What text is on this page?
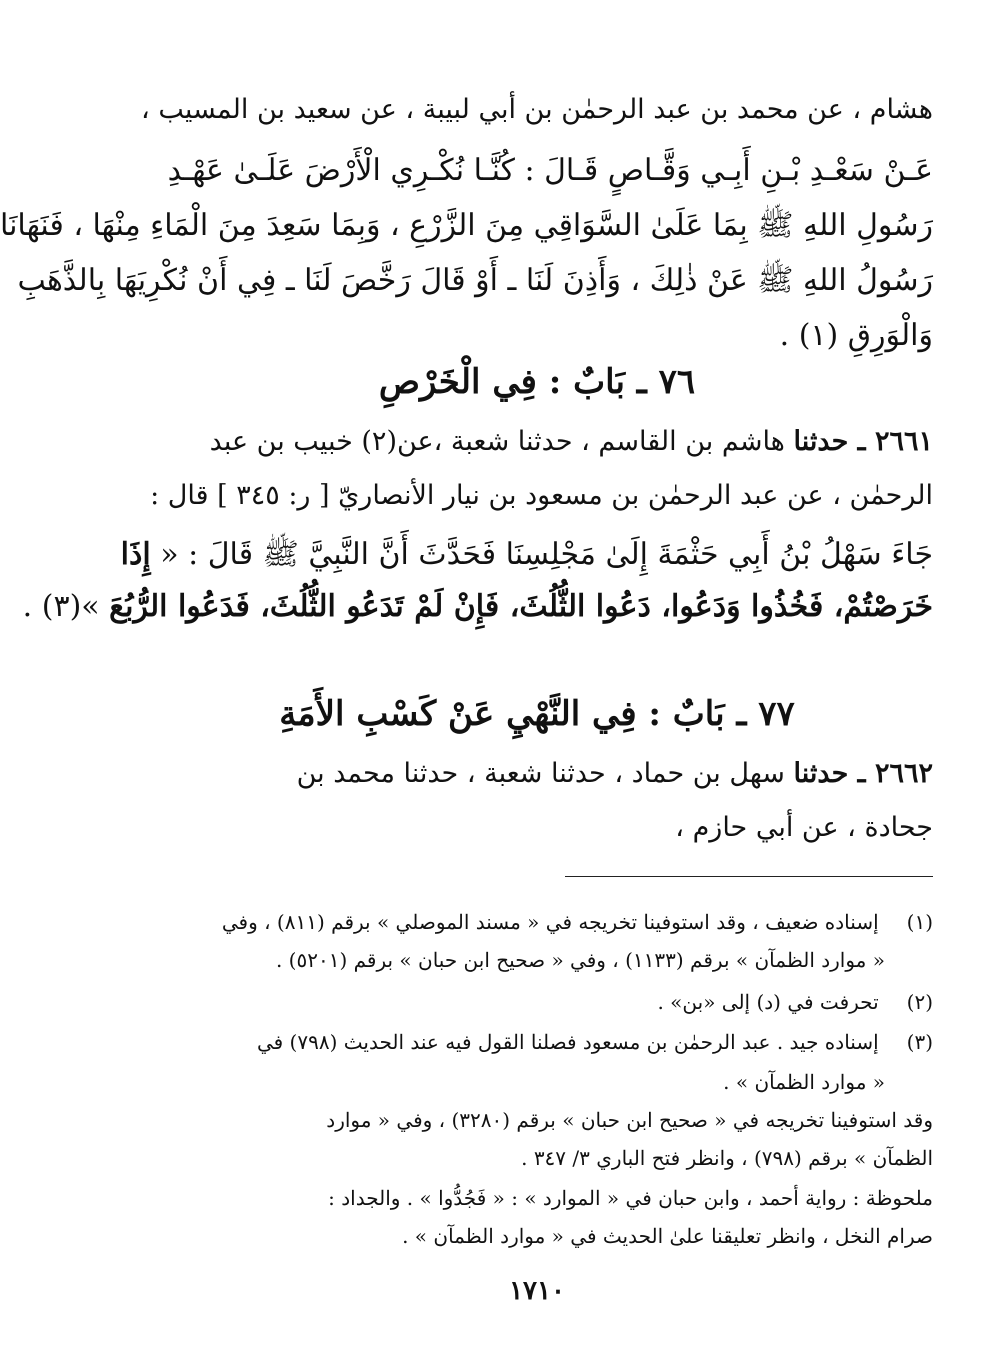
هشام ، عن محمد بن عبد الرحمٰن بن أبي لبيبة ، عن سعيد بن المسيب ،
عَـنْ سَعْـدِ بْـنِ أَبِـي وَقَّـاصٍ قَـالَ : كُنَّـا نُكْـرِي الْأَرْضَ عَلَـىٰ عَهْـدِ
رَسُولِ اللهِ ﷺ بِمَا عَلَىٰ السَّوَاقِي مِنَ الزَّرْعِ ، وَبِمَا سَعِدَ مِنَ الْمَاءِ مِنْهَا ، فَنَهَانَا
رَسُولُ اللهِ ﷺ عَنْ ذٰلِكَ ، وَأَذِنَ لَنَا ـ أَوْ قَالَ رَخَّصَ لَنَا ـ فِي أَنْ نُكْرِيَهَا بِالذَّهَبِ
وَالْوَرِقِ (١) .
٧٦ ـ بَابٌ : فِي الْخَرْصِ
٢٦٦١ ـ حدثنا هاشم بن القاسم ، حدثنا شعبة ،عن(٢) خبيب بن عبد
الرحمٰن ، عن عبد الرحمٰن بن مسعود بن نيار الأنصاريّ [ ر: ٣٤٥ ] قال :
جَاءَ سَهْلُ بْنُ أَبِي حَثْمَةَ إِلَىٰ مَجْلِسِنَا فَحَدَّثَ أَنَّ النَّبِيَّ ﷺ قَالَ : « إِذَا
خَرَصْتُمْ، فَخُذُوا وَدَعُوا، دَعُوا الثُّلُثَ، فَإِنْ لَمْ تَدَعُو الثُّلُثَ، فَدَعُوا الرُّبُعَ »(٣) .
٧٧ ـ بَابٌ : فِي النَّهْيِ عَنْ كَسْبِ الأَمَةِ
٢٦٦٢ ـ حدثنا سهل بن حماد ، حدثنا شعبة ، حدثنا محمد بن
جحادة ، عن أبي حازم ،
(١) إسناده ضعيف ، وقد استوفينا تخريجه في « مسند الموصلي » برقم (٨١١) ، وفي
« موارد الظمآن » برقم (١١٣٣) ، وفي « صحيح ابن حبان » برقم (٥٢٠١) .
(٢) تحرفت في (د) إلى «بن» .
(٣) إسناده جيد . عبد الرحمٰن بن مسعود فصلنا القول فيه عند الحديث (٧٩٨) في
« موارد الظمآن » .
وقد استوفينا تخريجه في « صحيح ابن حبان » برقم (٣٢٨٠) ، وفي « موارد
الظمآن » برقم (٧٩٨) ، وانظر فتح الباري ٣/ ٣٤٧ .
ملحوظة : رواية أحمد ، وابن حبان في « الموارد » : « فَجُدُّوا » . والجداد :
صرام النخل ، وانظر تعليقنا علىٰ الحديث في « موارد الظمآن » .
١٧١٠
